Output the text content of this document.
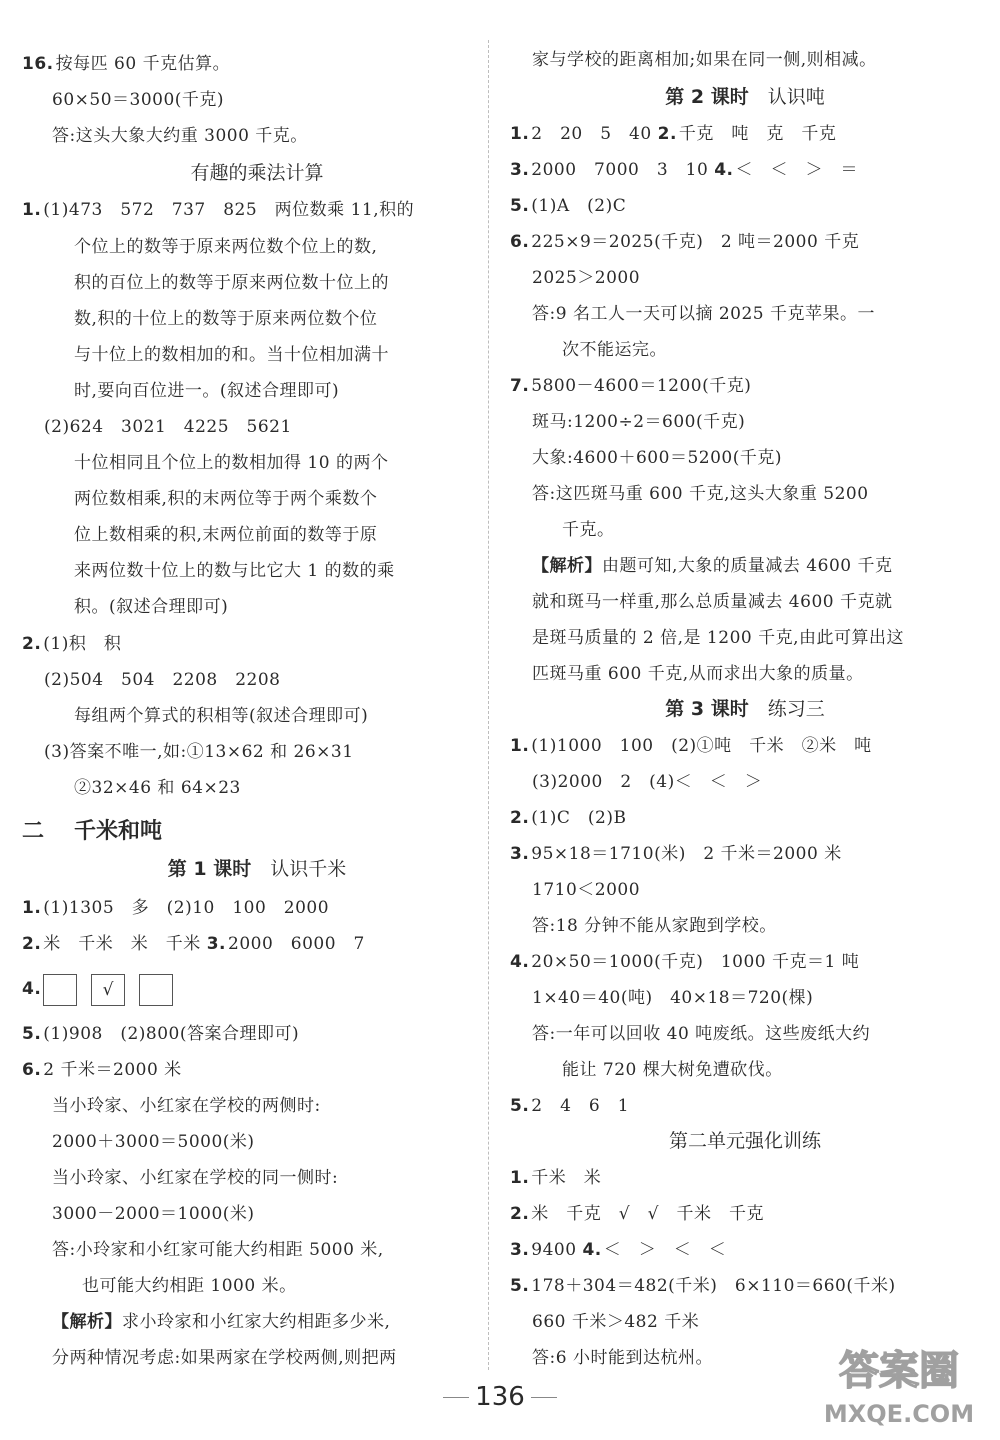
16. 按每匹 60 千克估算。
60×50＝3000(千克)
答:这头大象大约重 3000 千克。
有趣的乘法计算
1. (1)473　572　737　825　两位数乘 11,积的
个位上的数等于原来两位数个位上的数,
积的百位上的数等于原来两位数十位上的
数,积的十位上的数等于原来两位数个位
与十位上的数相加的和。当十位相加满十
时,要向百位进一。(叙述合理即可)
(2)624　3021　4225　5621
十位相同且个位上的数相加得 10 的两个
两位数相乘,积的末两位等于两个乘数个
位上数相乘的积,末两位前面的数等于原
来两位数十位上的数与比它大 1 的数的乘
积。(叙述合理即可)
2. (1)积　积
(2)504　504　2208　2208
每组两个算式的积相等(叙述合理即可)
(3)答案不唯一,如:①13×62 和 26×31
②32×46 和 64×23
二 千米和吨
第 1 课时　 认识千米
1. (1)1305　多　(2)10　100　2000
2. 米　千米　米　千米 3. 2000　6000　7
4.	√
5. (1)908　(2)800(答案合理即可)
6. 2 千米＝2000 米
当小玲家、小红家在学校的两侧时:
2000＋3000＝5000(米)
当小玲家、小红家在学校的同一侧时:
3000－2000＝1000(米)
答:小玲家和小红家可能大约相距 5000 米,
也可能大约相距 1000 米。
【解析】求小玲家和小红家大约相距多少米,
分两种情况考虑:如果两家在学校两侧,则把两
家与学校的距离相加;如果在同一侧,则相减。
第 2 课时　 认识吨
1. 2　20　5　40 2. 千克　吨　克　千克
3. 2000　7000　3　10 4. ＜　＜　＞　＝
5. (1)A　(2)C
6. 225×9＝2025(千克)　2 吨＝2000 千克
2025＞2000
答:9 名工人一天可以摘 2025 千克苹果。一
次不能运完。
7. 5800－4600＝1200(千克)
斑马:1200÷2＝600(千克)
大象:4600＋600＝5200(千克)
答:这匹斑马重 600 千克,这头大象重 5200
千克。
【解析】由题可知,大象的质量减去 4600 千克
就和斑马一样重,那么总质量减去 4600 千克就
是斑马质量的 2 倍,是 1200 千克,由此可算出这
匹斑马重 600 千克,从而求出大象的质量。
第 3 课时　 练习三
1. (1)1000　100　(2)①吨　千米　②米　吨
(3)2000　2　(4)＜　＜　＞
2. (1)C　(2)B
3. 95×18＝1710(米)　2 千米＝2000 米
1710＜2000
答:18 分钟不能从家跑到学校。
4. 20×50＝1000(千克)　1000 千克＝1 吨
1×40＝40(吨)　40×18＝720(棵)
答:一年可以回收 40 吨废纸。这些废纸大约
能让 720 棵大树免遭砍伐。
5. 2　4　6　1
第二单元强化训练
1. 千米　米
2. 米　千克　√　√　千米　千克
3. 9400 4. ＜　＞　＜　＜
5. 178＋304＝482(千米)　6×110＝660(千米)
660 千米＞482 千米
答:6 小时能到达杭州。
136
答案圈
MXQE.COM
